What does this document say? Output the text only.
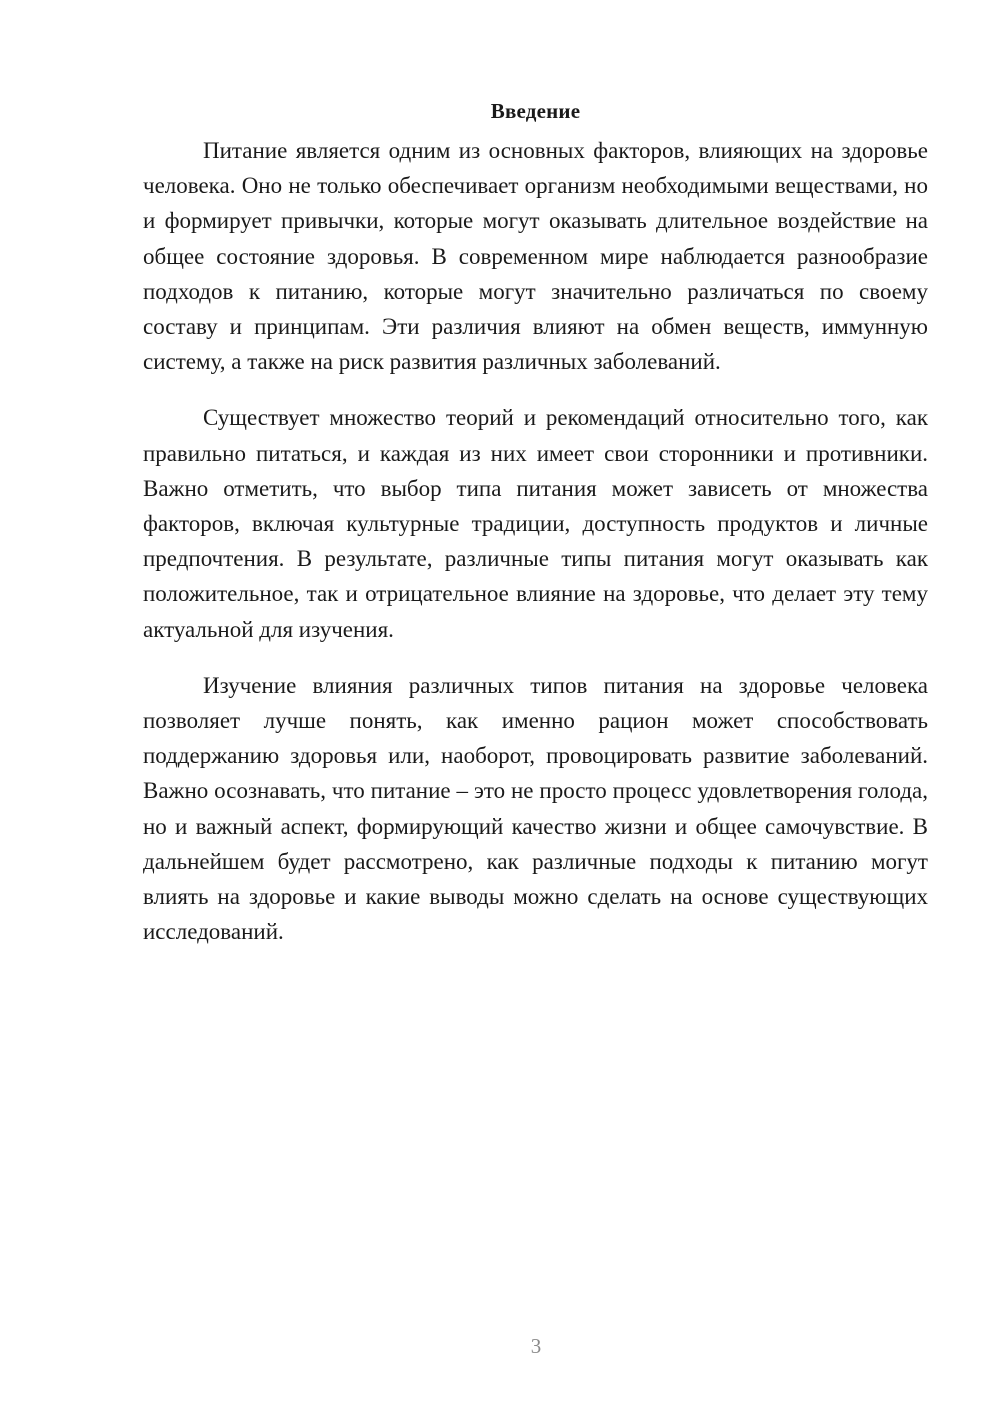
Введение

Питание является одним из основных факторов, влияющих на здоровье человека. Оно не только обеспечивает организм необходимыми веществами, но и формирует привычки, которые могут оказывать длительное воздействие на общее состояние здоровья. В современном мире наблюдается разнообразие подходов к питанию, которые могут значительно различаться по своему составу и принципам. Эти различия влияют на обмен веществ, иммунную систему, а также на риск развития различных заболеваний.

Существует множество теорий и рекомендаций относительно того, как правильно питаться, и каждая из них имеет свои сторонники и противники. Важно отметить, что выбор типа питания может зависеть от множества факторов, включая культурные традиции, доступность продуктов и личные предпочтения. В результате, различные типы питания могут оказывать как положительное, так и отрицательное влияние на здоровье, что делает эту тему актуальной для изучения.

Изучение влияния различных типов питания на здоровье человека позволяет лучше понять, как именно рацион может способствовать поддержанию здоровья или, наоборот, провоцировать развитие заболеваний. Важно осознавать, что питание – это не просто процесс удовлетворения голода, но и важный аспект, формирующий качество жизни и общее самочувствие. В дальнейшем будет рассмотрено, как различные подходы к питанию могут влиять на здоровье и какие выводы можно сделать на основе существующих исследований.

3
